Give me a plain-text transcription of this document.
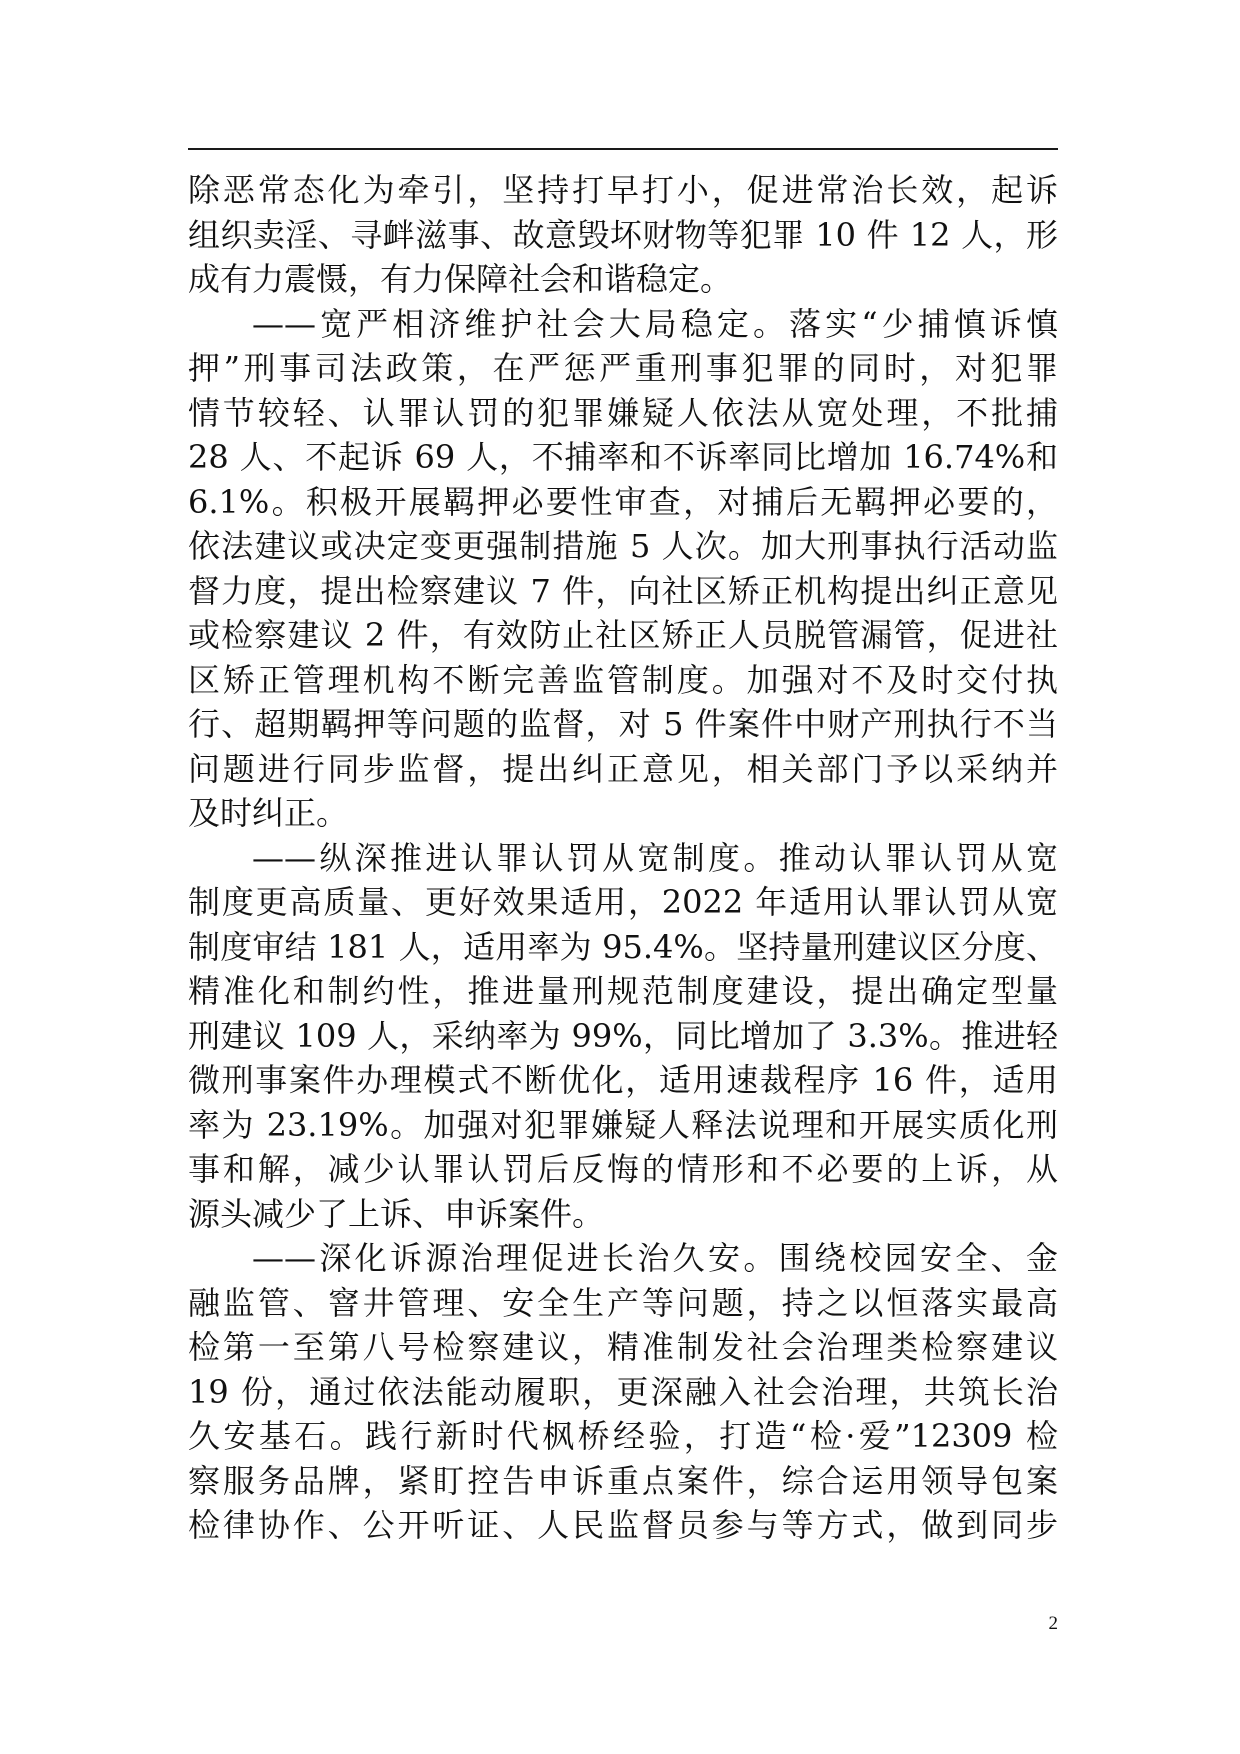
除恶常态化为牵引，坚持打早打小，促进常治长效，起诉
组织卖淫、寻衅滋事、故意毁坏财物等犯罪 10 件 12 人，形
成有力震慑，有力保障社会和谐稳定。
——宽严相济维护社会大局稳定。落实“少捕慎诉慎
押”刑事司法政策，在严惩严重刑事犯罪的同时，对犯罪
情节较轻、认罪认罚的犯罪嫌疑人依法从宽处理，不批捕
28 人、不起诉 69 人，不捕率和不诉率同比增加 16.74%和
6.1%。积极开展羁押必要性审查，对捕后无羁押必要的，
依法建议或决定变更强制措施 5 人次。加大刑事执行活动监
督力度，提出检察建议 7 件，向社区矫正机构提出纠正意见
或检察建议 2 件，有效防止社区矫正人员脱管漏管，促进社
区矫正管理机构不断完善监管制度。加强对不及时交付执
行、超期羁押等问题的监督，对 5 件案件中财产刑执行不当
问题进行同步监督，提出纠正意见，相关部门予以采纳并
及时纠正。
——纵深推进认罪认罚从宽制度。推动认罪认罚从宽
制度更高质量、更好效果适用，2022 年适用认罪认罚从宽
制度审结 181 人，适用率为 95.4%。坚持量刑建议区分度、
精准化和制约性，推进量刑规范制度建设，提出确定型量
刑建议 109 人，采纳率为 99%，同比增加了 3.3%。推进轻
微刑事案件办理模式不断优化，适用速裁程序 16 件，适用
率为 23.19%。加强对犯罪嫌疑人释法说理和开展实质化刑
事和解，减少认罪认罚后反悔的情形和不必要的上诉，从
源头减少了上诉、申诉案件。
——深化诉源治理促进长治久安。围绕校园安全、金
融监管、窨井管理、安全生产等问题，持之以恒落实最高
检第一至第八号检察建议，精准制发社会治理类检察建议
19 份，通过依法能动履职，更深融入社会治理，共筑长治
久安基石。践行新时代枫桥经验，打造“检·爱”12309 检
察服务品牌，紧盯控告申诉重点案件，综合运用领导包案
检律协作、公开听证、人民监督员参与等方式，做到同步
2
